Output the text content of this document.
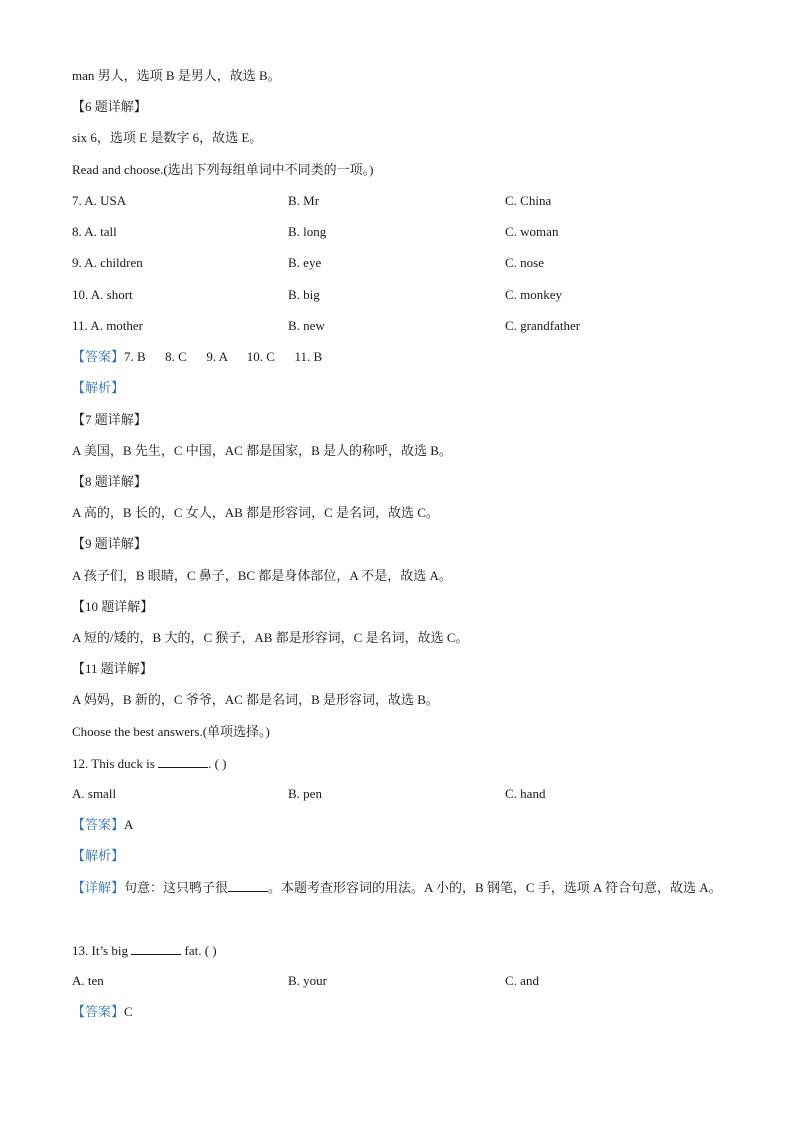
man 男人，选项 B 是男人，故选 B。
【6 题详解】
six 6，选项 E 是数字 6，故选 E。
Read and choose.(选出下列每组单词中不同类的一项。)
7. A. USA	B. Mr	C. China
8. A. tall	B. long	C. woman
9. A. children	B. eye	C. nose
10. A. short	B. big	C. monkey
11. A. mother	B. new	C. grandfather
【答案】7. B      8. C      9. A      10. C      11. B
【解析】
【7 题详解】
A 美国，B 先生，C 中国，AC 都是国家，B 是人的称呼，故选 B。
【8 题详解】
A 高的，B 长的，C 女人，AB 都是形容词，C 是名词，故选 C。
【9 题详解】
A 孩子们，B 眼睛，C 鼻子，BC 都是身体部位，A 不是，故选 A。
【10 题详解】
A 短的/矮的，B 大的，C 猴子，AB 都是形容词，C 是名词，故选 C。
【11 题详解】
A 妈妈，B 新的，C 爷爷，AC 都是名词，B 是形容词，故选 B。
Choose the best answers.(单项选择。)
12. This duck is	. ( )
A. small	B. pen	C. hand
【答案】A
【解析】
【详解】句意：这只鸭子很	。本题考查形容词的用法。A 小的，B 钢笔，C 手，选项 A 符合句意，故选 A。
13. It’s big	fat. ( )
A. ten	B. your	C. and
【答案】C
